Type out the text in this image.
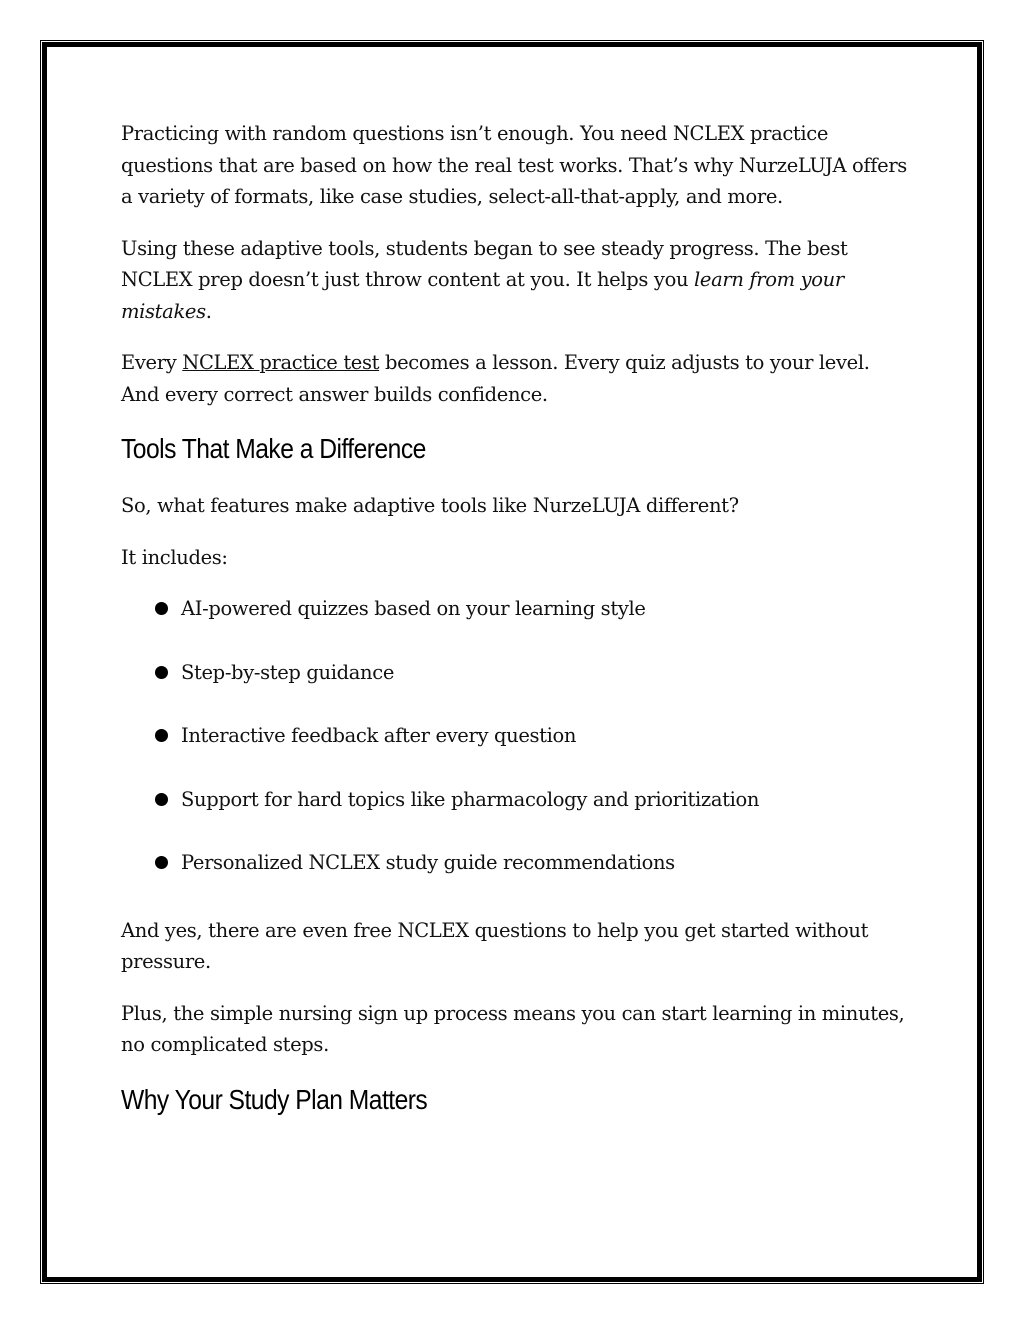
Practicing with random questions isn’t enough. You need NCLEX practice questions that are based on how the real test works. That’s why NurzeLUJA offers a variety of formats, like case studies, select-all-that-apply, and more.

Using these adaptive tools, students began to see steady progress. The best NCLEX prep doesn’t just throw content at you. It helps you learn from your mistakes.

Every NCLEX practice test becomes a lesson. Every quiz adjusts to your level. And every correct answer builds confidence.

Tools That Make a Difference

So, what features make adaptive tools like NurzeLUJA different?

It includes:

AI-powered quizzes based on your learning style
Step-by-step guidance
Interactive feedback after every question
Support for hard topics like pharmacology and prioritization
Personalized NCLEX study guide recommendations

And yes, there are even free NCLEX questions to help you get started without pressure.

Plus, the simple nursing sign up process means you can start learning in minutes, no complicated steps.

Why Your Study Plan Matters
